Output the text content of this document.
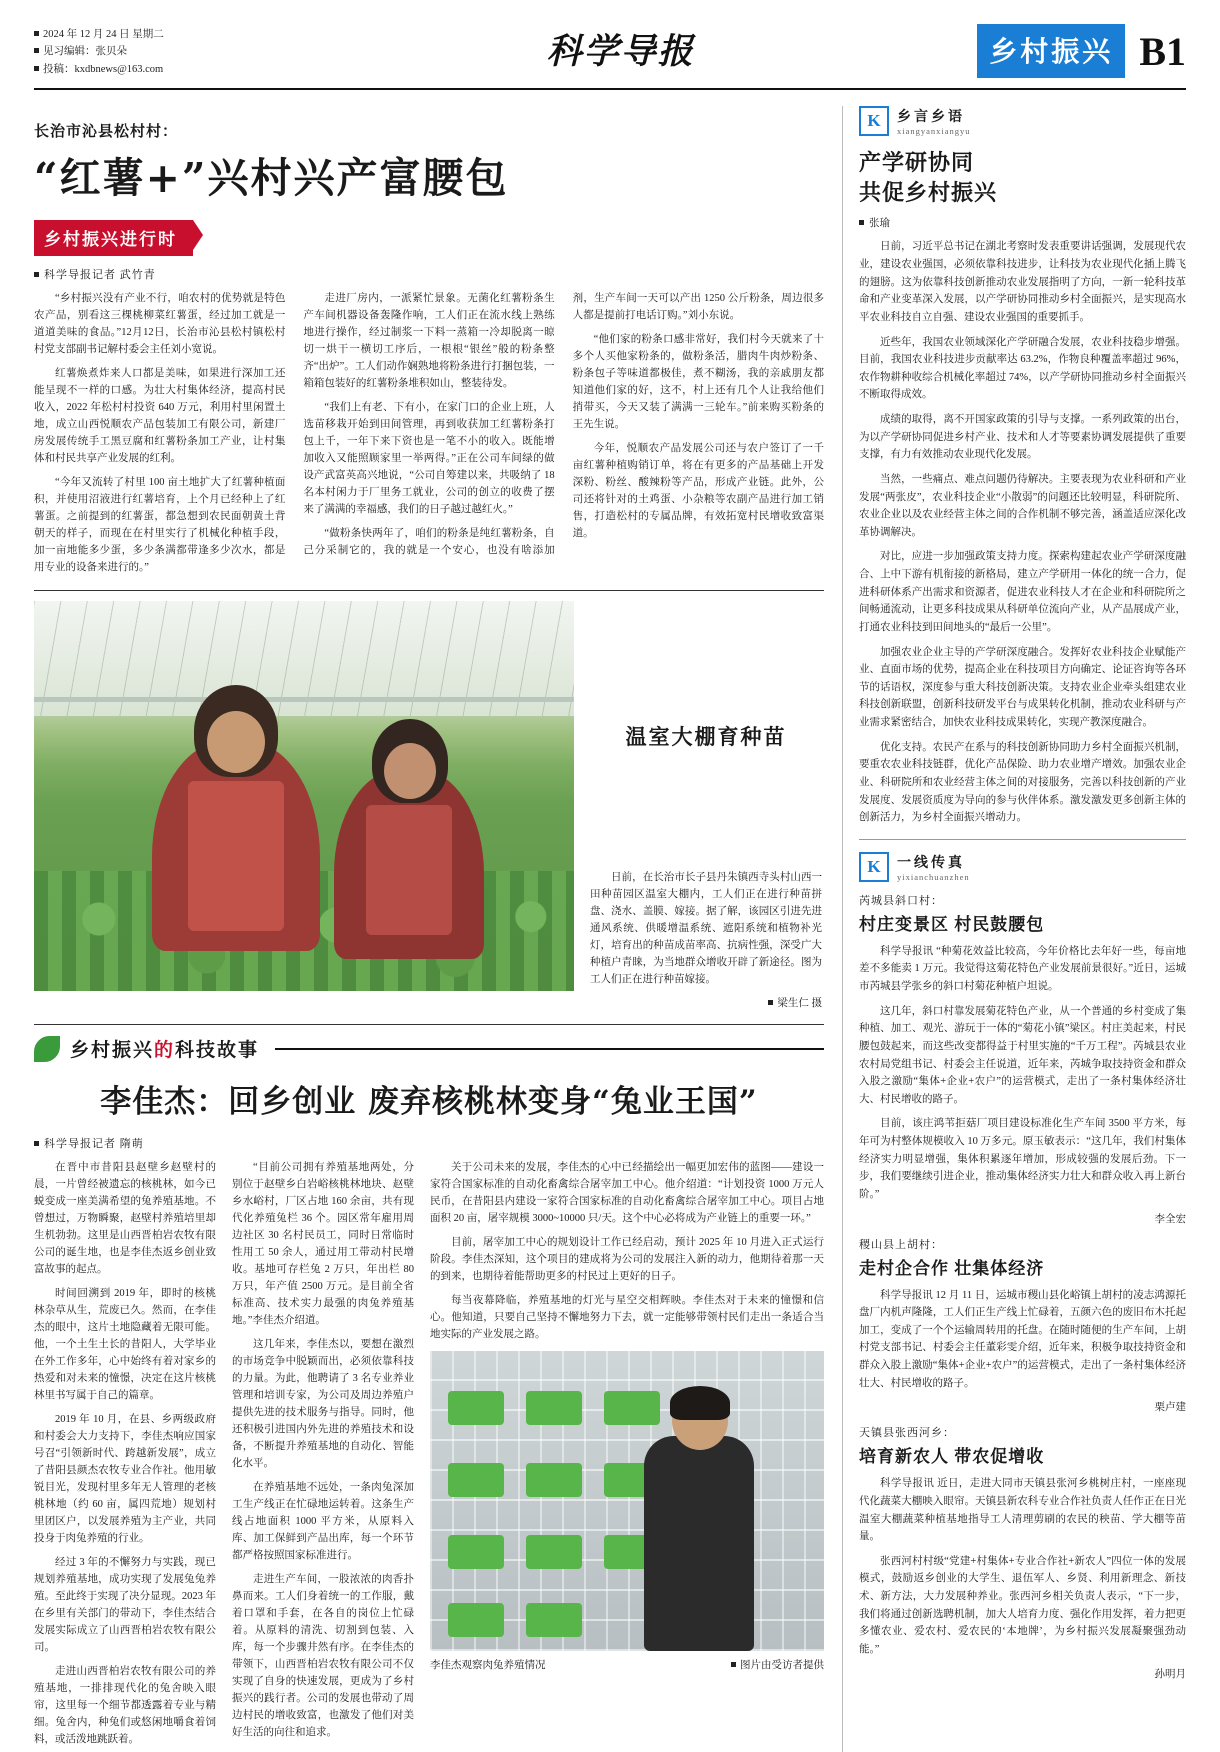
2024 年 12 月 24 日 星期二
见习编辑：张贝朵
投稿：kxdbnews@163.com	科学导报	乡村振兴 B1
长治市沁县松村村：
“红薯+”兴村兴产富腰包
乡村振兴进行时
科学导报记者 武竹青

“乡村振兴没有产业不行，咱农村的优势就是特色农产品，别看这三棵桃柳菜红薯蛋，经过加工就是一道道美味的食品。”12月12日，长治市沁县松村镇松村村党支部副书记解村委会主任刘小宽说。

红薯焕煮炸来人口都是美味，如果进行深加工还能呈现不一样的口感。为壮大村集体经济，提高村民收入，2022 年松村村投资 640 万元，利用村里闲置土地，成立山西悦顺农产品包装加工有限公司，新建厂房发展传统手工黑豆腐和红薯粉条加工产业，让村集体和村民共享产业发展的红利。

“今年又流转了村里 100 亩土地扩大了红薯种植面积，并使用沼液进行红薯培育，上个月已经种上了红薯蛋。之前提到的红薯蛋，都急想到农民面朝黄土背朝天的样子，而现在在村里实行了机械化种植手段，加一亩地能多少蛋，多少条满都带逢多少次水，都是用专业的设备来进行的。”

走进厂房内，一派紧忙景象。无菌化红薯粉条生产车间机器设备轰隆作响，工人们正在流水线上熟练地进行操作，经过制浆一下料一蒸箱一冷却脱离一晾切一烘干一横切工序后，一根根“银丝”般的粉条整齐“出炉”。工人们动作娴熟地将粉条进行打捆包装，一箱箱包装好的红薯粉条堆积如山，整装待发。

“我们上有老、下有小，在家门口的企业上班，人选苗移栽开始到田间管理，再到收获加工红薯粉条打包上千，一年下来下资也是一笔不小的收入。既能增加收入又能照顾家里一举两得。”正在公司车间绿的做设产武富英高兴地说，“公司自筹建以来，共吸纳了 18 名本村闲力于厂里务工就业，公司的创立的收费了摆来了满满的幸福感，我们的日子越过越红火。”

“做粉条快两年了，咱们的粉条是纯红薯粉条，自己分采制它的，我的就是一个安心，也没有啥添加剂，生产车间一天可以产出 1250 公斤粉条，周边很多人都是提前打电话订购。”刘小东说。

“他们家的粉条口感非常好，我们村今天就来了十多个人买他家粉条的，做粉条活，腊肉牛肉炒粉条、粉条包子等味道都极佳，煮不糊汤，我的亲戚朋友都知道他们家的好，这不，村上还有几个人让我给他们捎带买，今天又装了满满一三轮车。”前来购买粉条的王先生说。

今年，悦顺农产品发展公司还与农户签订了一千亩红薯种植购销订单，将在有更多的产品基础上开发深粉、粉丝、酸辣粉等产品，形成产业链。此外，公司还将针对的土鸡蛋、小杂粮等农副产品进行加工销售，打造松村的专属品牌，有效拓宽村民增收致富渠道。

温室大棚育种苗
日前，在长治市长子县丹朱镇西寺头村山西一田种苗园区温室大棚内，工人们正在进行种苗拼盘、浇水、盖膜、嫁接。据了解，该园区引进先进通风系统、供暖增温系统、遮阳系统和植物补光灯，培育出的种苗成苗率高、抗病性强，深受广大种植户青睐，为当地群众增收开辟了新途径。图为工人们正在进行种苗嫁接。
梁生仁 摄
乡村振兴的科技故事
李佳杰：回乡创业 废弃核桃林变身“兔业王国”
科学导报记者 隋萌

在晋中市昔阳县赵壁乡赵壁村的晨，一片曾经被遗忘的核桃林，如今已蜕变成一座美满希望的兔养殖基地。不曾想过，万物瞬聚，赵壁村养殖培里却生机勃勃。这里是山西晋柏岩农牧有限公司的诞生地，也是李佳杰返乡创业致富故事的起点。

时间回溯到 2019 年，即时的核桃林杂草从生，荒废已久。然而，在李佳杰的眼中，这片土地隐藏着无限可能。他，一个土生土长的昔阳人，大学毕业在外工作多年，心中始终有着对家乡的热爱和对未来的憧憬，决定在这片核桃林里书写属于自己的篇章。

2019 年 10 月，在县、乡两级政府和村委会大力支持下，李佳杰响应国家号召“引领新时代、跨越新发展”，成立了昔阳县颜杰农牧专业合作社。他用敏锐目光，发现村里多年无人管理的老核桃林地（约 60 亩，属四荒地）规划村里团区户，以发展养殖为主产业，共同投身于肉兔养殖的行业。

经过 3 年的不懈努力与实践，现已规划养殖基地，成功实现了发展兔兔养殖。至此终于实现了决分显现。2023 年在乡里有关部门的带动下，李佳杰结合发展实际成立了山西晋柏岩农牧有限公司。

走进山西晋柏岩农牧有限公司的养殖基地，一排排现代化的兔舍映入眼帘，这里每一个细节都透露着专业与精细。兔舍内，种兔们或悠闲地嚼食着饲料，或活泼地跳跃着。

“目前公司拥有养殖基地两处，分别位于赵壁乡白岩峪核桃林地块、赵壁乡水峪村，厂区占地 160 余亩，共有现代化养殖兔栏 36 个。园区常年雇用周边社区 30 名村民员工，同时日常临时性用工 50 余人，通过用工带动村民增收。基地可存栏兔 2 万只，年出栏 80 万只，年产值 2500 万元。是目前全省标准高、技术实力最强的肉兔养殖基地。”李佳杰介绍道。

这几年来，李佳杰以，要想在激烈的市场竞争中脱颖而出，必须依靠科技的力量。为此，他聘请了 3 名专业养业管理和培训专家，为公司及周边养殖户提供先进的技术服务与指导。同时，他还积极引进国内外先进的养殖技术和设备，不断提升养殖基地的自动化、智能化水平。

在养殖基地不远处，一条肉兔深加工生产线正在忙碌地运转着。这条生产线占地面积 1000 平方米，从原料入库、加工保鲜到产品出库，每一个环节都严格按照国家标准进行。

走进生产车间，一股浓浓的肉香扑鼻而来。工人们身着统一的工作服，戴着口罩和手套，在各自的岗位上忙碌着。从原料的清洗、切割到包装、入库，每一个步骤井然有序。在李佳杰的带领下，山西晋柏岩农牧有限公司不仅实现了自身的快速发展，更成为了乡村振兴的践行者。公司的发展也带动了周边村民的增收致富，也激发了他们对美好生活的向往和追求。

关于公司未来的发展，李佳杰的心中已经描绘出一幅更加宏伟的蓝图——建设一家符合国家标准的自动化畜禽综合屠宰加工中心。他介绍道：“计划投资 1000 万元人民币，在昔阳县内建设一家符合国家标准的自动化畜禽综合屠宰加工中心。项目占地面积 20 亩，屠宰规模 3000~10000 只/天。这个中心必将成为产业链上的重要一环。”

目前，屠宰加工中心的规划设计工作已经启动，预计 2025 年 10 月进入正式运行阶段。李佳杰深知，这个项目的建成将为公司的发展注入新的动力，他期待着那一天的到来，也期待着能帮助更多的村民过上更好的日子。

每当夜幕降临，养殖基地的灯光与星空交相辉映。李佳杰对于未来的憧憬和信心。他知道，只要自己坚持不懈地努力下去，就一定能够带领村民们走出一条适合当地实际的产业发展之路。

李佳杰观察肉兔养殖情况	图片由受访者提供
K	乡言乡语
xiangyanxiangyu
产学研协同
共促乡村振兴
张瑜

日前，习近平总书记在湖北考察时发表重要讲话强调，发展现代农业，建设农业强国，必须依靠科技进步，让科技为农业现代化插上腾飞的翅膀。这为依靠科技创新推动农业发展指明了方向，一新一轮科技革命和产业变革深入发展，以产学研协同推动乡村全面振兴，是实现高水平农业科技自立自强、建设农业强国的重要抓手。

近些年，我国农业领域深化产学研融合发展，农业科技稳步增强。目前，我国农业科技进步贡献率达 63.2%，作物良种覆盖率超过 96%，农作物耕种收综合机械化率超过 74%，以产学研协同推动乡村全面振兴不断取得成效。

成绩的取得，离不开国家政策的引导与支撑。一系列政策的出台，为以产学研协同促进乡村产业、技术和人才等要素协调发展提供了重要支撑，有力有效推动农业现代化发展。

当然，一些痛点、难点问题仍待解决。主要表现为农业科研和产业发展“两张皮”，农业科技企业“小散弱”的问题还比较明显，科研院所、农业企业以及农业经营主体之间的合作机制不够完善，涵盖适应深化改革协调解决。

对比，应进一步加强政策支持力度。探索构建起农业产学研深度融合、上中下游有机衔接的新格局，建立产学研用一体化的统一合力，促进科研体系产出需求和资源者，促进农业科技人才在企业和科研院所之间畅通流动，让更多科技成果从科研单位流向产业，从产品展成产业，打通农业科技到田间地头的“最后一公里”。

加强农业企业主导的产学研深度融合。发挥好农业科技企业赋能产业、直面市场的优势，提高企业在科技项目方向确定、论证咨询等各环节的话语权，深度参与重大科技创新决策。支持农业企业牵头组建农业科技创新联盟，创新科技研发平台与成果转化机制，推动农业科研与产业需求紧密结合，加快农业科技成果转化，实现产教深度融合。

优化支持。农民产在系与的科技创新协同助力乡村全面振兴机制，要重农农业科技链群，优化产品保险、助力农业增产增效。加强农业企业、科研院所和农业经营主体之间的对接服务，完善以科技创新的产业发展度、发展资质度为导向的参与伙伴体系。激发激发更多创新主体的创新活力，为乡村全面振兴增动力。

K	一线传真
yixianchuanzhen
芮城县斜口村：
村庄变景区 村民鼓腰包

科学导报讯 “种菊花效益比较高，今年价格比去年好一些，每亩地差不多能卖 1 万元。我觉得这菊花特色产业发展前景很好。”近日，运城市芮城县学张乡的斜口村菊花种植户坦说。

这几年，斜口村靠发展菊花特色产业，从一个普通的乡村变成了集种植、加工、观光、游玩于一体的“菊花小镇”梁区。村庄美起来，村民腰包鼓起来，而这些改变都得益于村里实施的“千万工程”。芮城县农业农村局党组书记、村委会主任说道，近年来，芮城争取技持资金和群众入股之激励“集体+企业+农户”的运营模式，走出了一条村集体经济壮大、村民增收的路子。

目前，该庄鸿苇拒菇厂项目建设标准化生产车间 3500 平方米，每年可为村整体规模收入 10 万多元。原玉敏表示：“这几年，我们村集体经济实力明显增强，集体积累逐年增加，形成较强的发展后劲。下一步，我们要继续引进企业，推动集体经济实力壮大和群众收入再上新台阶。”

李全宏
稷山县上胡村：
走村企合作 壮集体经济

科学导报讯 12 月 11 日，运城市稷山县化峪镇上胡村的凌志鸿源托盘厂内机声隆隆，工人们正生产线上忙碌着，五颜六色的废旧布木托起加工，变成了一个个运输周转用的托盘。在随时随便的生产车间，上胡村党支部书记、村委会主任董彩雯介绍，近年来，积极争取技持资金和群众入股上激励“集体+企业+农户”的运营模式，走出了一条村集体经济壮大、村民增收的路子。

栗卢建
天镇县张西河乡：
培育新农人 带农促增收

科学导报讯 近日，走进大同市天镇县张河乡桃树庄村，一座座现代化蔬菜大棚映入眼帘。天镇县新农科专业合作社负责人任作正在日光温室大棚蔬菜种植基地指导工人清理剪刷的农民的秧苗、学大棚等苗量。

张西河村村级“党建+村集体+专业合作社+新农人”四位一体的发展模式，鼓励返乡创业的大学生、退伍军人、乡贤、利用新理念、新技术、新方法，大力发展种养业。张西河乡相关负责人表示，“下一步，我们将通过创新选聘机制，加大人培育力度、强化作用发挥，着力把更多懂农业、爱农村、爱农民的‘本地牌’，为乡村振兴发展凝聚强劲动能。”

孙明月
